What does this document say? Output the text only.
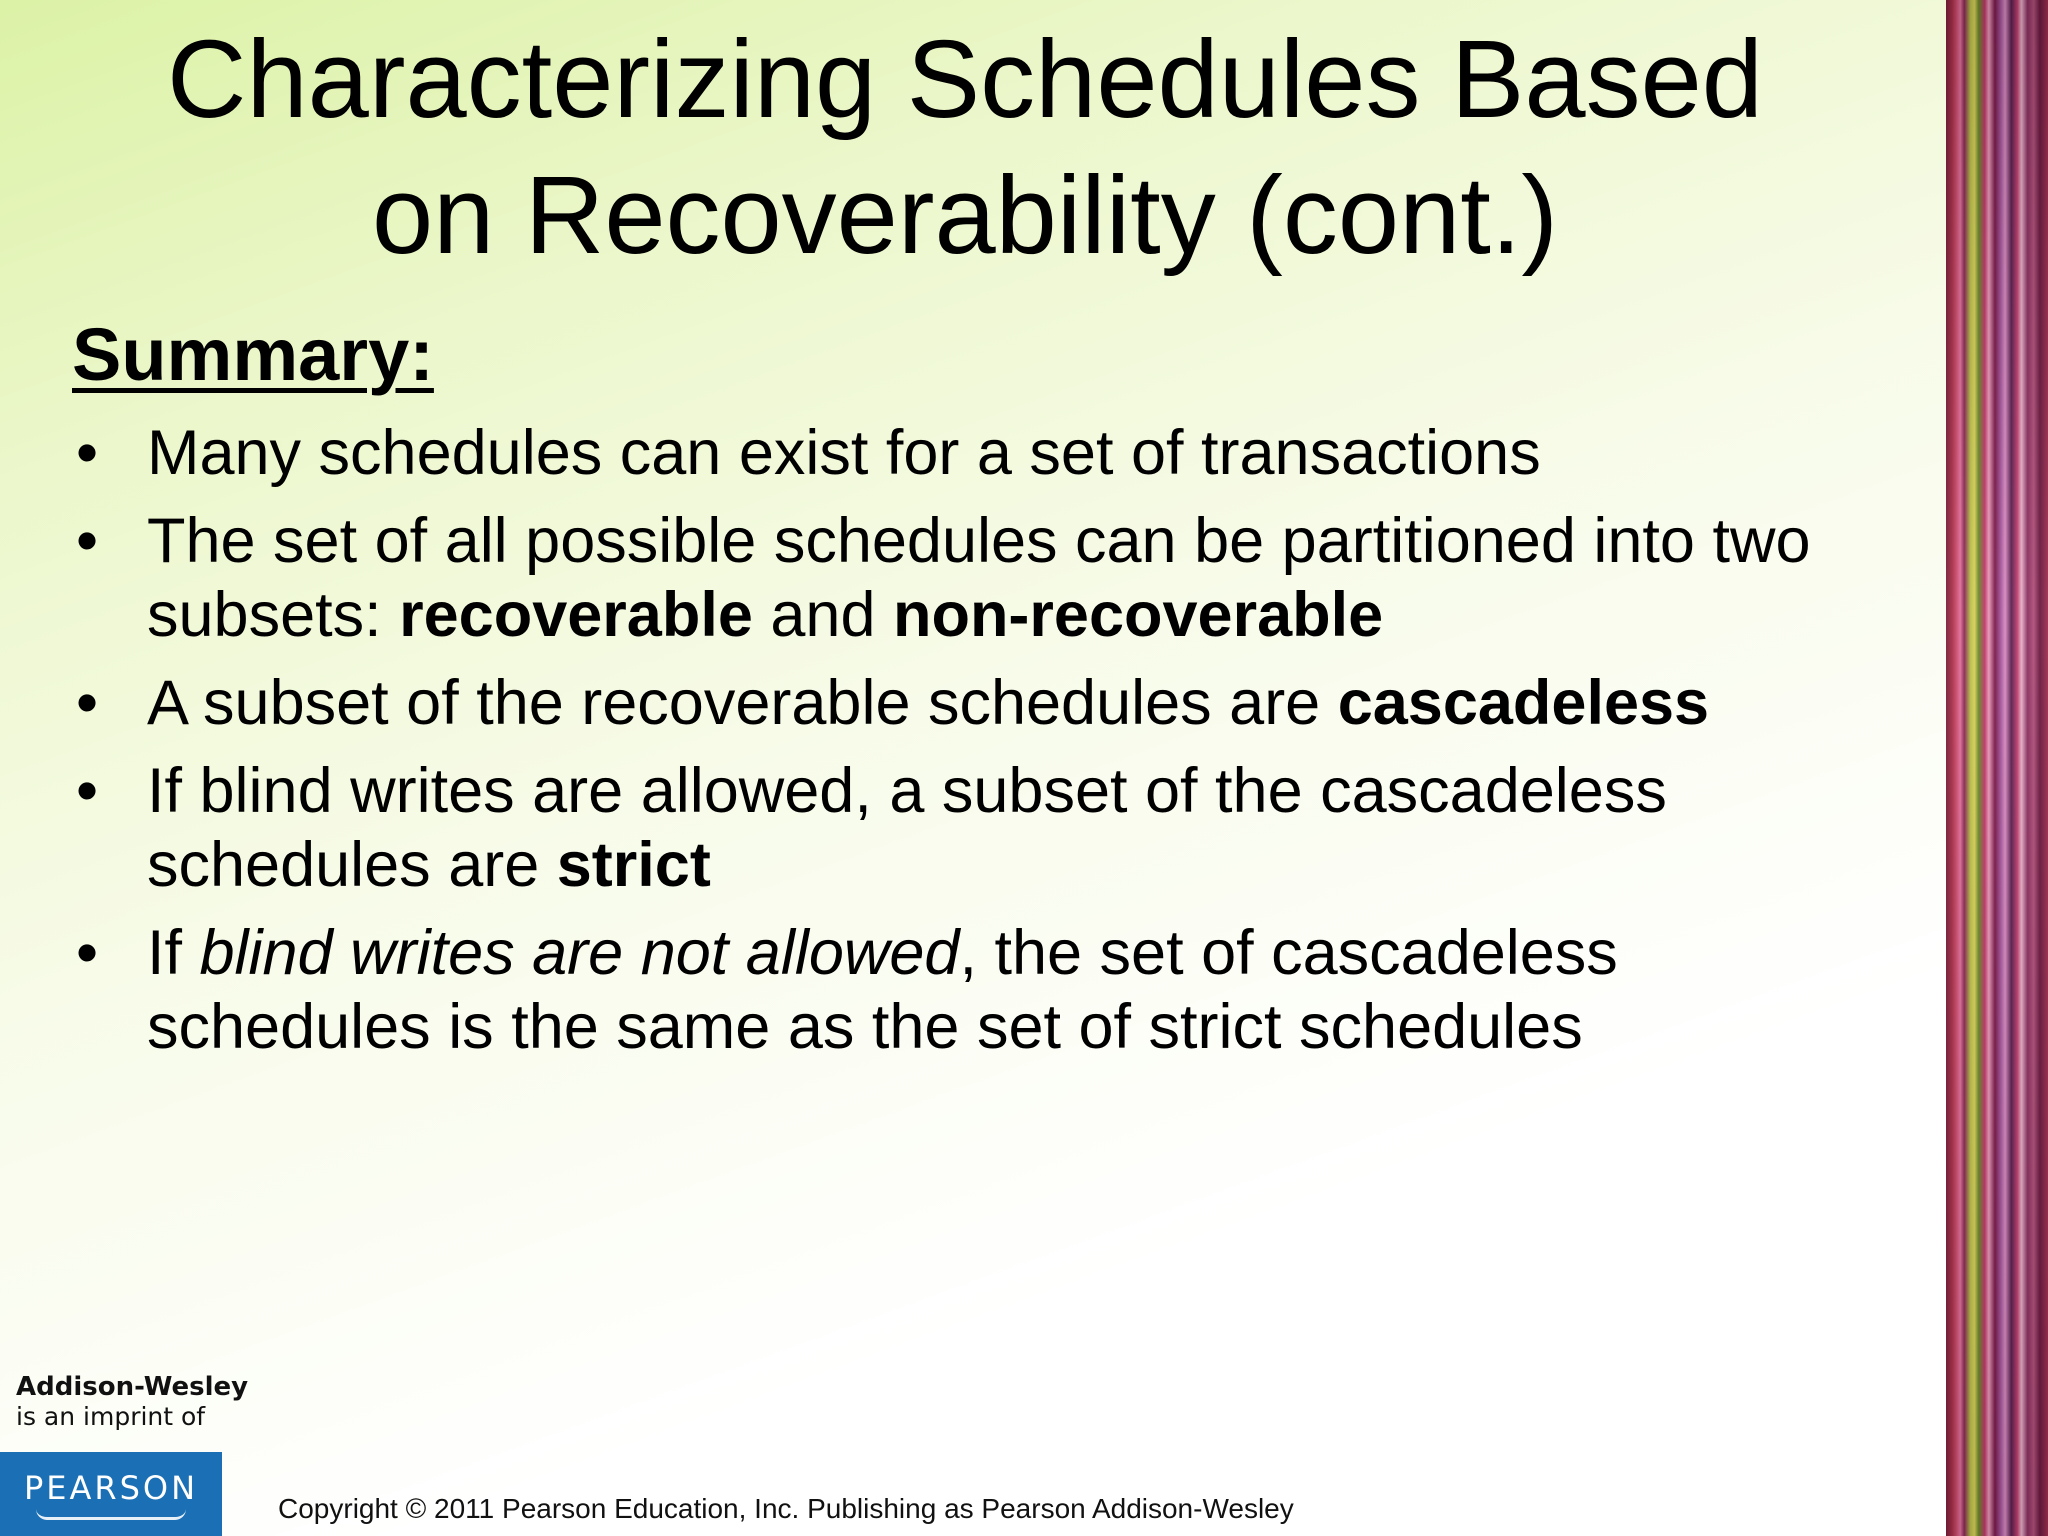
Characterizing Schedules Based
on Recoverability (cont.)
Summary:
• Many schedules can exist for a set of transactions
• The set of all possible schedules can be partitioned into two subsets: recoverable and non-recoverable
• A subset of the recoverable schedules are cascadeless
• If blind writes are allowed, a subset of the cascadeless schedules are strict
• If blind writes are not allowed, the set of cascadeless schedules is the same as the set of strict schedules
Addison-Wesley
is an imprint of
PEARSON
Copyright © 2011 Pearson Education, Inc. Publishing as Pearson Addison-Wesley
